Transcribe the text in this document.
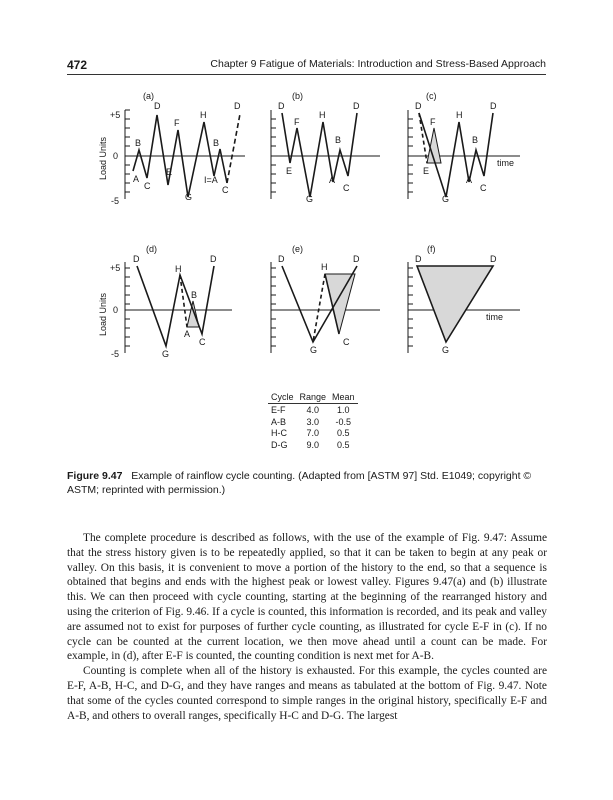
472	Chapter 9 Fatigue of Materials: Introduction and Stress-Based Approach
(a)	(b)	(c)
(d)	(e)	(f)
Load Units
Load Units
+5
0
-5
+5
0
-5
time
time
D	D
F
H
B	B
A
C
E
G
C
I=A
D	D
F
H
B
E
A
C
G
D	D
F
H
B
E
A
C
G
D	D
H
B
A
C
G
D	D
H
C
G
D	D
G
Cycle	Range	Mean
E-F	4.0	1.0
A-B	3.0	-0.5
H-C	7.0	0.5
D-G	9.0	0.5
Figure 9.47 Example of rainflow cycle counting. (Adapted from [ASTM 97] Std. E1049; copyright © ASTM; reprinted with permission.)

The complete procedure is described as follows, with the use of the example of Fig. 9.47: Assume that the stress history given is to be repeatedly applied, so that it can be taken to begin at any peak or valley. On this basis, it is convenient to move a portion of the history to the end, so that a sequence is obtained that begins and ends with the highest peak or lowest valley. Figures 9.47(a) and (b) illustrate this. We can then proceed with cycle counting, starting at the beginning of the rearranged history and using the criterion of Fig. 9.46. If a cycle is counted, this information is recorded, and its peak and valley are assumed not to exist for purposes of further cycle counting, as illustrated for cycle E-F in (c). If no cycle can be counted at the current location, we then move ahead until a count can be made. For example, in (d), after E-F is counted, the counting condition is next met for A-B.

Counting is complete when all of the history is exhausted. For this example, the cycles counted are E-F, A-B, H-C, and D-G, and they have ranges and means as tabulated at the bottom of Fig. 9.47. Note that some of the cycles counted correspond to simple ranges in the original history, specifically E-F and A-B, and others to overall ranges, specifically H-C and D-G. The largest
